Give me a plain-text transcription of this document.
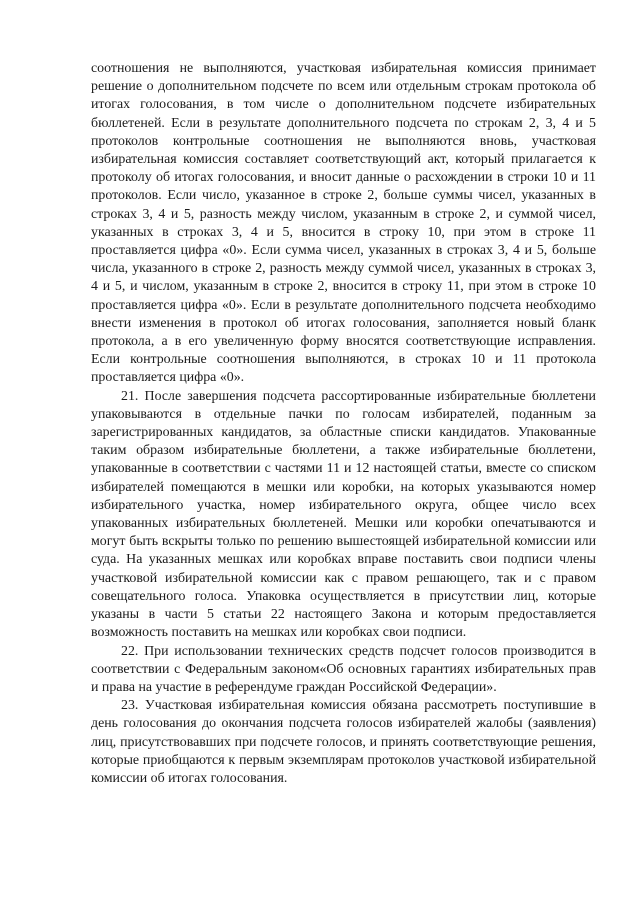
соотношения не выполняются, участковая избирательная комиссия принимает решение о дополнительном подсчете по всем или отдельным строкам протокола об итогах голосования, в том числе о дополнительном подсчете избирательных бюллетеней. Если в результате дополнительного подсчета по строкам 2, 3, 4 и 5 протоколов контрольные соотношения не выполняются вновь, участковая избирательная комиссия составляет соответствующий акт, который прилагается к протоколу об итогах голосования, и вносит данные о расхождении в строки 10 и 11 протоколов. Если число, указанное в строке 2, больше суммы чисел, указанных в строках 3, 4 и 5, разность между числом, указанным в строке 2, и суммой чисел, указанных в строках 3, 4 и 5, вносится в строку 10, при этом в строке 11 проставляется цифра «0». Если сумма чисел, указанных в строках 3, 4 и 5, больше числа, указанного в строке 2, разность между суммой чисел, указанных в строках 3, 4 и 5, и числом, указанным в строке 2, вносится в строку 11, при этом в строке 10 проставляется цифра «0». Если в результате дополнительного подсчета необходимо внести изменения в протокол об итогах голосования, заполняется новый бланк протокола, а в его увеличенную форму вносятся соответствующие исправления. Если контрольные соотношения выполняются, в строках 10 и 11 протокола проставляется цифра «0».

21. После завершения подсчета рассортированные избирательные бюллетени упаковываются в отдельные пачки по голосам избирателей, поданным за зарегистрированных кандидатов, за областные списки кандидатов. Упакованные таким образом избирательные бюллетени, а также избирательные бюллетени, упакованные в соответствии с частями 11 и 12 настоящей статьи, вместе со списком избирателей помещаются в мешки или коробки, на которых указываются номер избирательного участка, номер избирательного округа, общее число всех упакованных избирательных бюллетеней. Мешки или коробки опечатываются и могут быть вскрыты только по решению вышестоящей избирательной комиссии или суда. На указанных мешках или коробках вправе поставить свои подписи члены участковой избирательной комиссии как с правом решающего, так и с правом совещательного голоса. Упаковка осуществляется в присутствии лиц, которые указаны в части 5 статьи 22 настоящего Закона и которым предоставляется возможность поставить на мешках или коробках свои подписи.

22. При использовании технических средств подсчет голосов производится в соответствии с Федеральным законом«Об основных гарантиях избирательных прав и права на участие в референдуме граждан Российской Федерации».

23. Участковая избирательная комиссия обязана рассмотреть поступившие в день голосования до окончания подсчета голосов избирателей жалобы (заявления) лиц, присутствовавших при подсчете голосов, и принять соответствующие решения, которые приобщаются к первым экземплярам протоколов участковой избирательной комиссии об итогах голосования.
